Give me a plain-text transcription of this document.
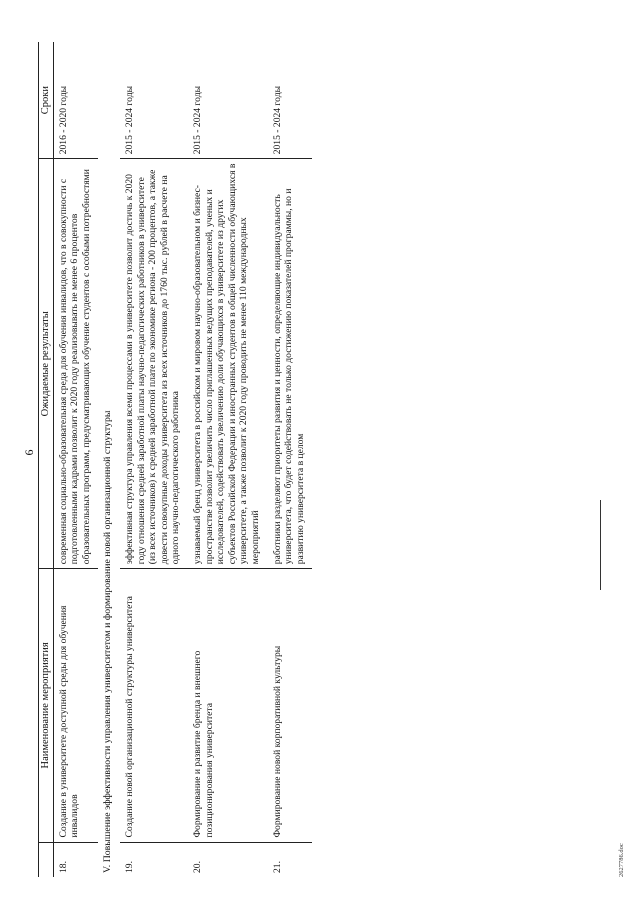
6
	Наименование мероприятия	Ожидаемые результаты	Сроки
18.	Создание в университете доступной среды для обучения инвалидов	современная социально-образовательная среда для обучения инвалидов, что в совокупности с подготовленными кадрами позволит к 2020 году реализовывать не менее 6 процентов образовательных программ, предусматривающих обучение студентов с особыми потребностями	2016 - 2020 годы
V. Повышение эффективности управления университетом и формирование новой организационной структуры			
19.	Создание новой организационной структуры университета	эффективная структура управления всеми процессами в университете позволит достичь к 2020 году отношения средней заработной платы научно-педагогических работников в университете (из всех источников) к средней заработной плате по экономике региона - 200 процентов, а также довести совокупные доходы университета из всех источников до 1760 тыс. рублей в расчете на одного научно-педагогического работника	2015 - 2024 годы
20.	Формирование и развитие бренда и внешнего позиционирования университета	узнаваемый бренд университета в российском и мировом научно-образовательном и бизнес-пространстве позволит увеличить число приглашенных ведущих преподавателей, ученых и исследователей, содействовать увеличению доли обучающихся в университете из других субъектов Российской Федерации и иностранных студентов в общей численности обучающихся в университете, а также позволит к 2020 году проводить не менее 110 международных мероприятий	2015 - 2024 годы
21.	Формирование новой корпоративной культуры	работники разделяют приоритеты развития и ценности, определяющие индивидуальность университета, что будет содействовать не только достижению показателей программы, но и развитию университета в целом	2015 - 2024 годы
2627786.doc
